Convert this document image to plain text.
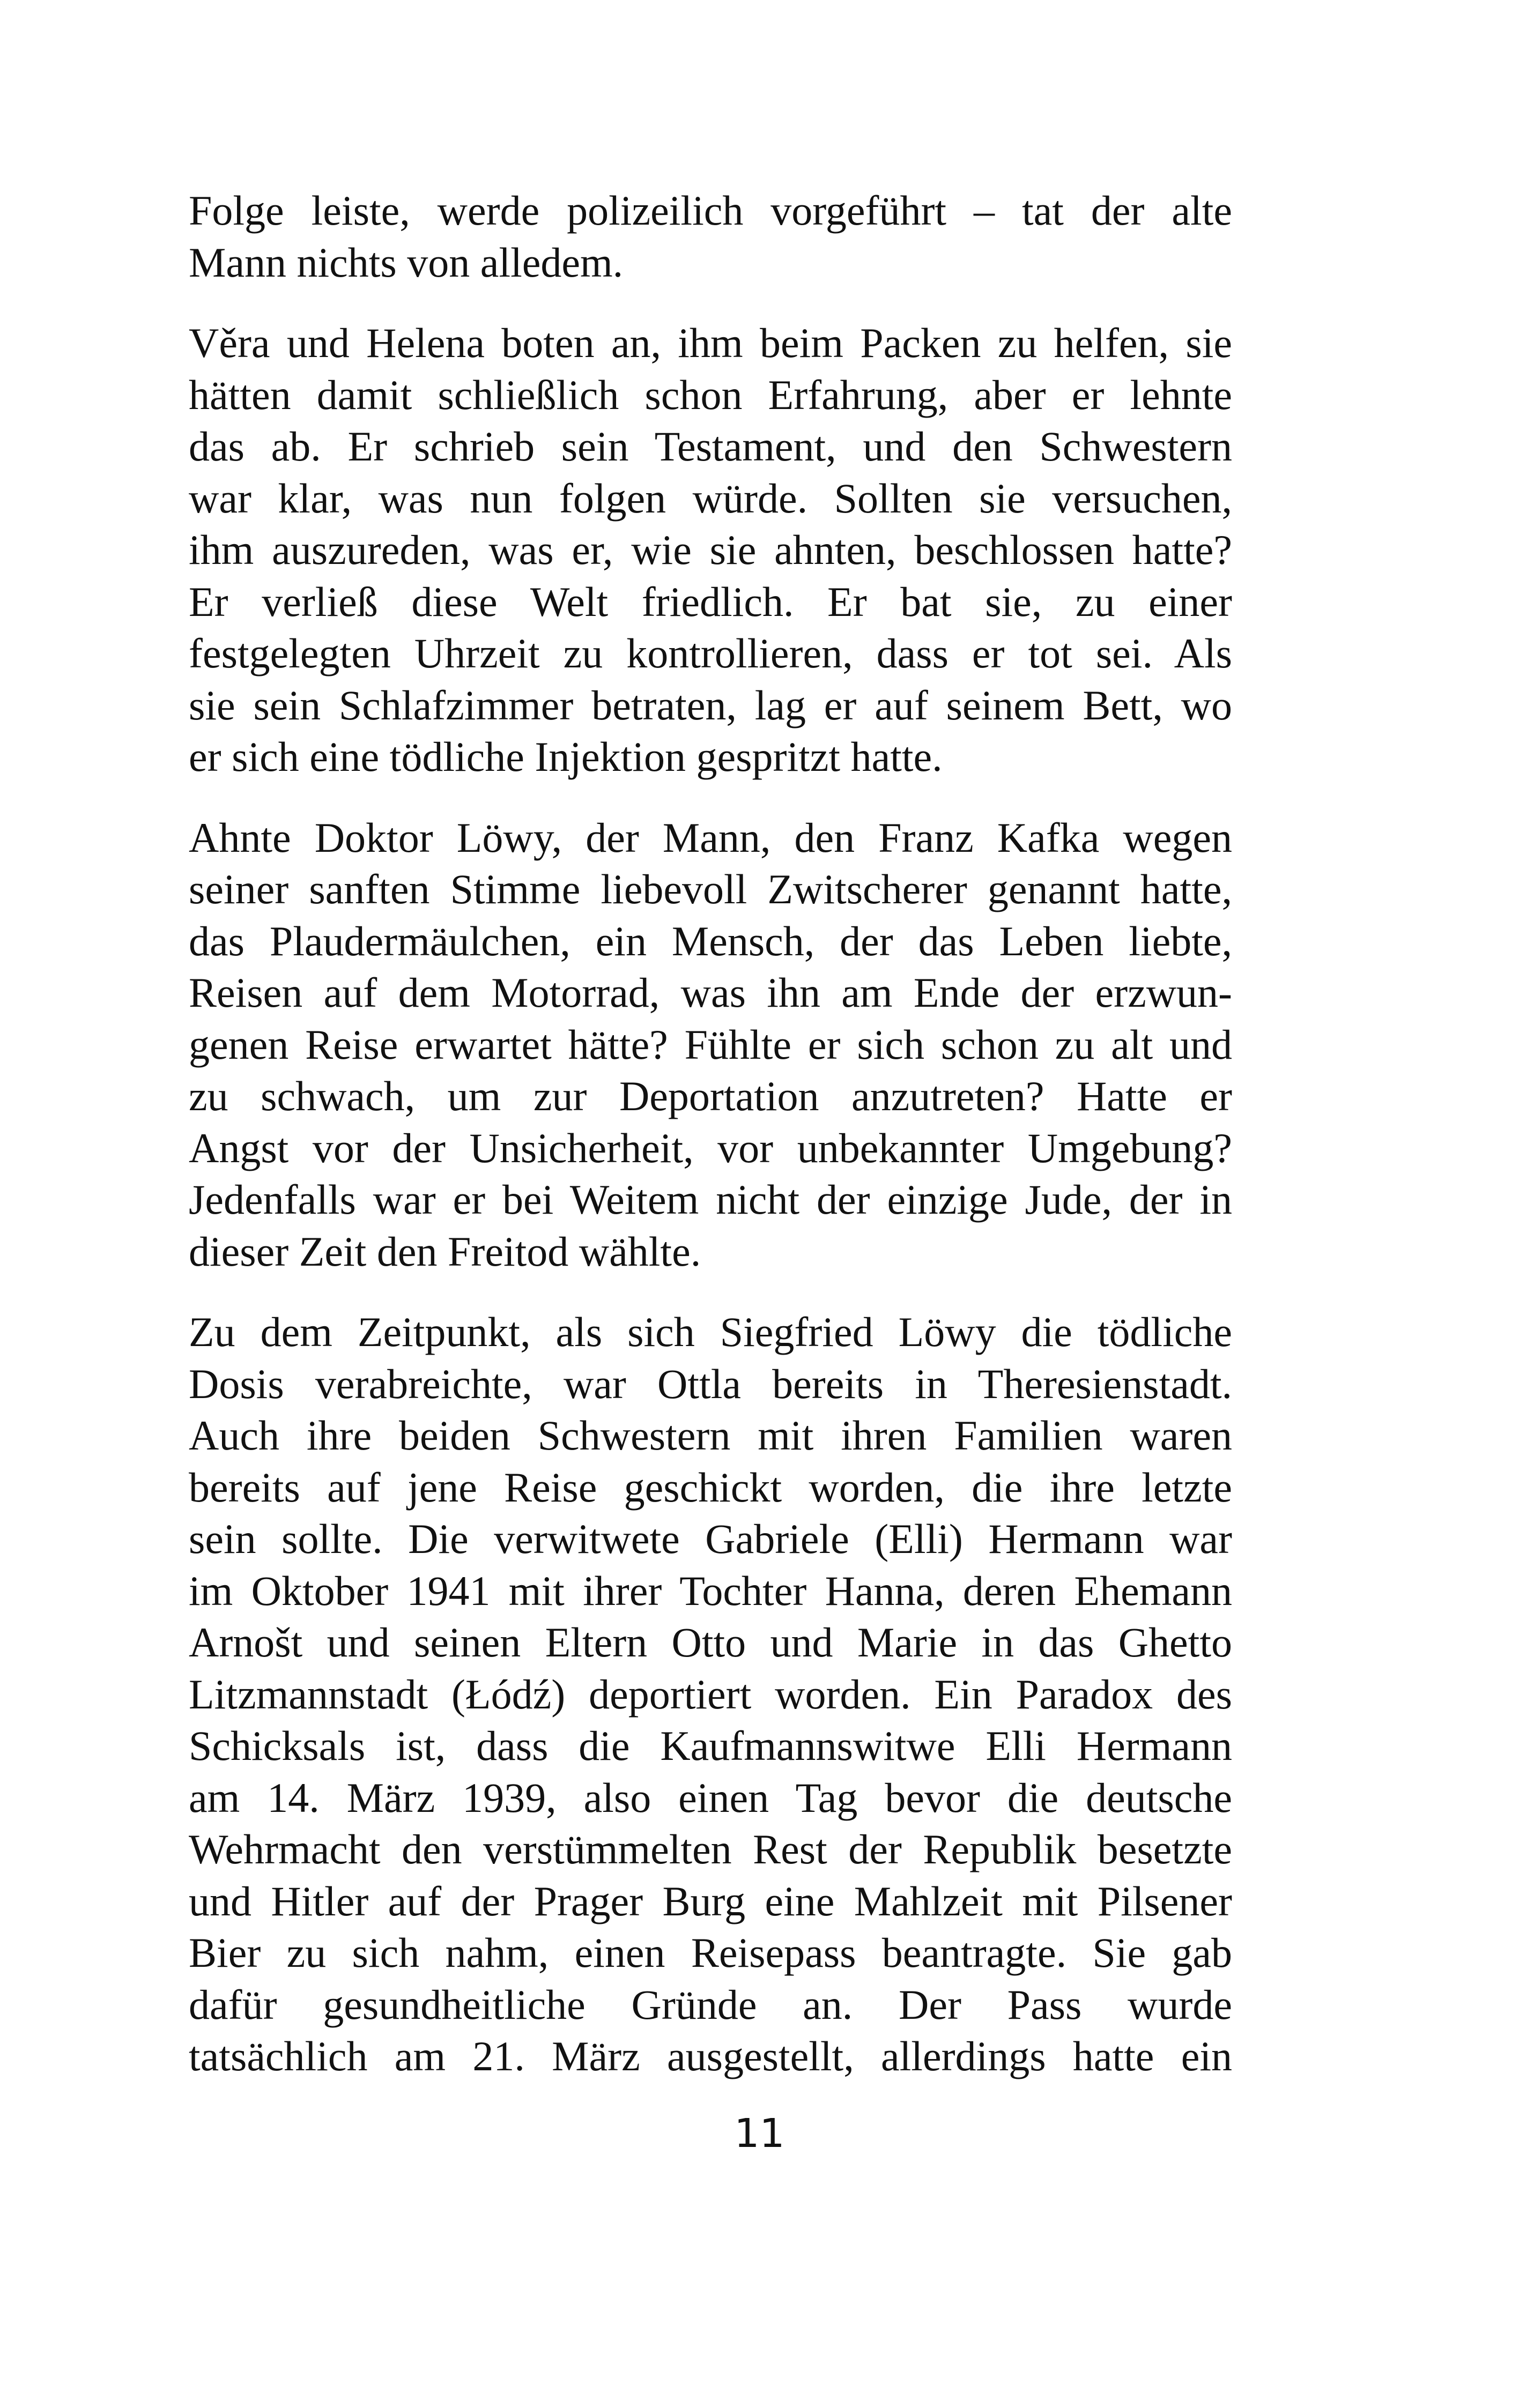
Folge leiste, werde polizeilich vorgeführt – tat der alte
Mann nichts von alledem.
Věra und Helena boten an, ihm beim Packen zu helfen, sie
hätten damit schließlich schon Erfahrung, aber er lehnte
das ab. Er schrieb sein Testament, und den Schwestern
war klar, was nun folgen würde. Sollten sie versuchen,
ihm auszureden, was er, wie sie ahnten, beschlossen hatte?
Er verließ diese Welt friedlich. Er bat sie, zu einer
festgelegten Uhrzeit zu kontrollieren, dass er tot sei. Als
sie sein Schlafzimmer betraten, lag er auf seinem Bett, wo
er sich eine tödliche Injektion gespritzt hatte.
Ahnte Doktor Löwy, der Mann, den Franz Kafka wegen
seiner sanften Stimme liebevoll Zwitscherer genannt hatte,
das Plaudermäulchen, ein Mensch, der das Leben liebte,
Reisen auf dem Motorrad, was ihn am Ende der erzwun-
genen Reise erwartet hätte? Fühlte er sich schon zu alt und
zu schwach, um zur Deportation anzutreten? Hatte er
Angst vor der Unsicherheit, vor unbekannter Umgebung?
Jedenfalls war er bei Weitem nicht der einzige Jude, der in
dieser Zeit den Freitod wählte.
Zu dem Zeitpunkt, als sich Siegfried Löwy die tödliche
Dosis verabreichte, war Ottla bereits in Theresienstadt.
Auch ihre beiden Schwestern mit ihren Familien waren
bereits auf jene Reise geschickt worden, die ihre letzte
sein sollte. Die verwitwete Gabriele (Elli) Hermann war
im Oktober 1941 mit ihrer Tochter Hanna, deren Ehemann
Arnošt und seinen Eltern Otto und Marie in das Ghetto
Litzmannstadt (Łódź) deportiert worden. Ein Paradox des
Schicksals ist, dass die Kaufmannswitwe Elli Hermann
am 14. März 1939, also einen Tag bevor die deutsche
Wehrmacht den verstümmelten Rest der Republik besetzte
und Hitler auf der Prager Burg eine Mahlzeit mit Pilsener
Bier zu sich nahm, einen Reisepass beantragte. Sie gab
dafür gesundheitliche Gründe an. Der Pass wurde
tatsächlich am 21. März ausgestellt, allerdings hatte ein
11
